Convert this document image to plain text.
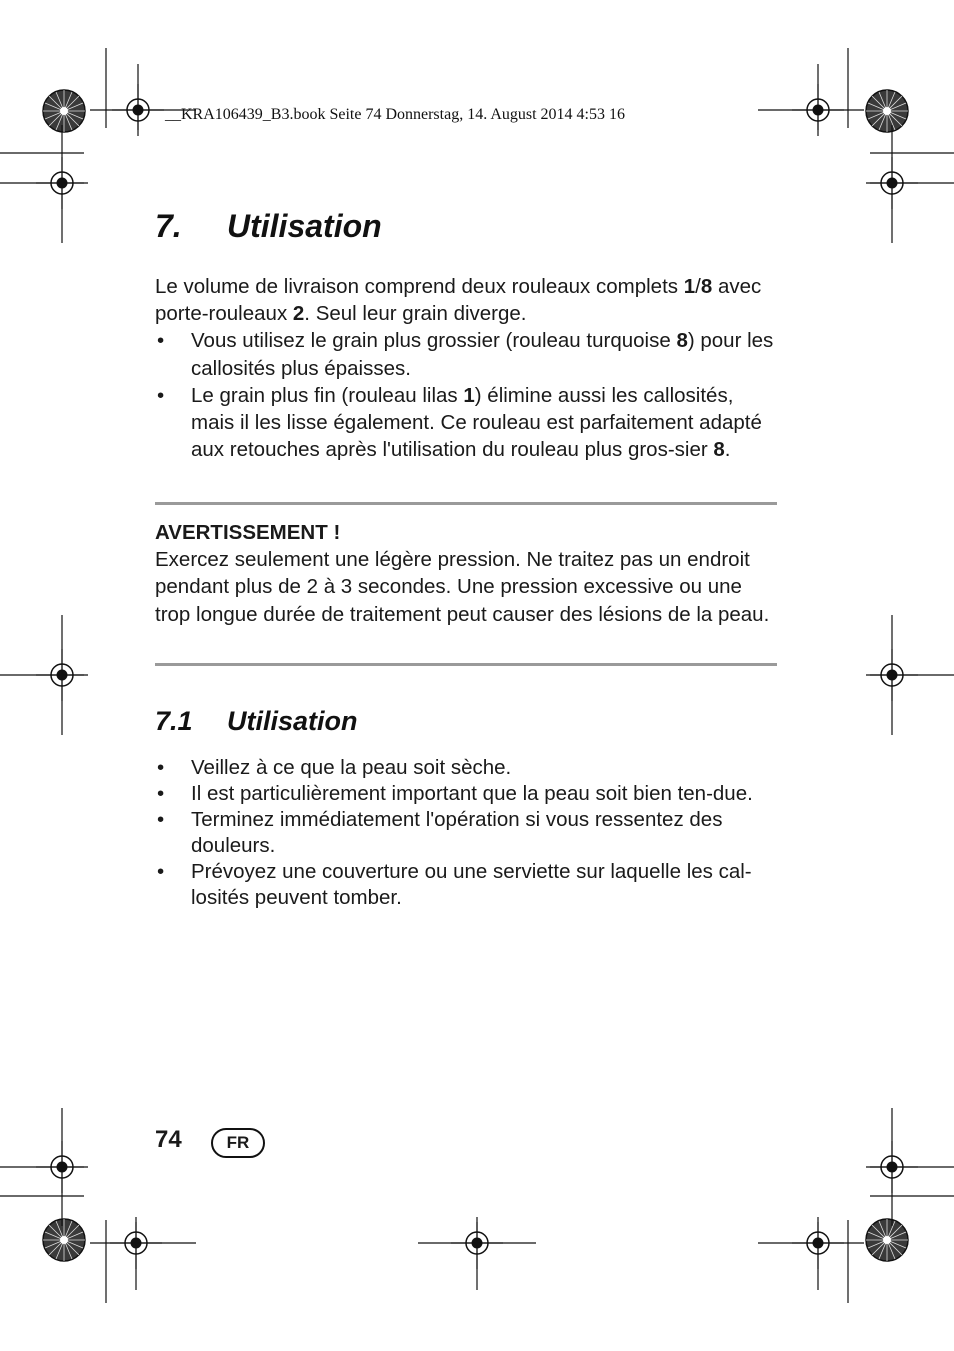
__KRA106439_B3.book Seite 74 Donnerstag, 14. August 2014 4:53 16
7. Utilisation

Le volume de livraison comprend deux rouleaux complets 1/8 avec porte-rouleaux 2. Seul leur grain diverge.

• Vous utilisez le grain plus grossier (rouleau turquoise 8) pour les callosités plus épaisses.
• Le grain plus fin (rouleau lilas 1) élimine aussi les callosités, mais il les lisse également. Ce rouleau est parfaitement adapté aux retouches après l'utilisation du rouleau plus gros-sier 8.

AVERTISSEMENT !

Exercez seulement une légère pression. Ne traitez pas un endroit pendant plus de 2 à 3 secondes. Une pression excessive ou une trop longue durée de traitement peut causer des lésions de la peau.

7.1 Utilisation
• Veillez à ce que la peau soit sèche.
• Il est particulièrement important que la peau soit bien ten-due.
• Terminez immédiatement l'opération si vous ressentez des douleurs.
• Prévoyez une couverture ou une serviette sur laquelle les cal-losités peuvent tomber.
74	FR
